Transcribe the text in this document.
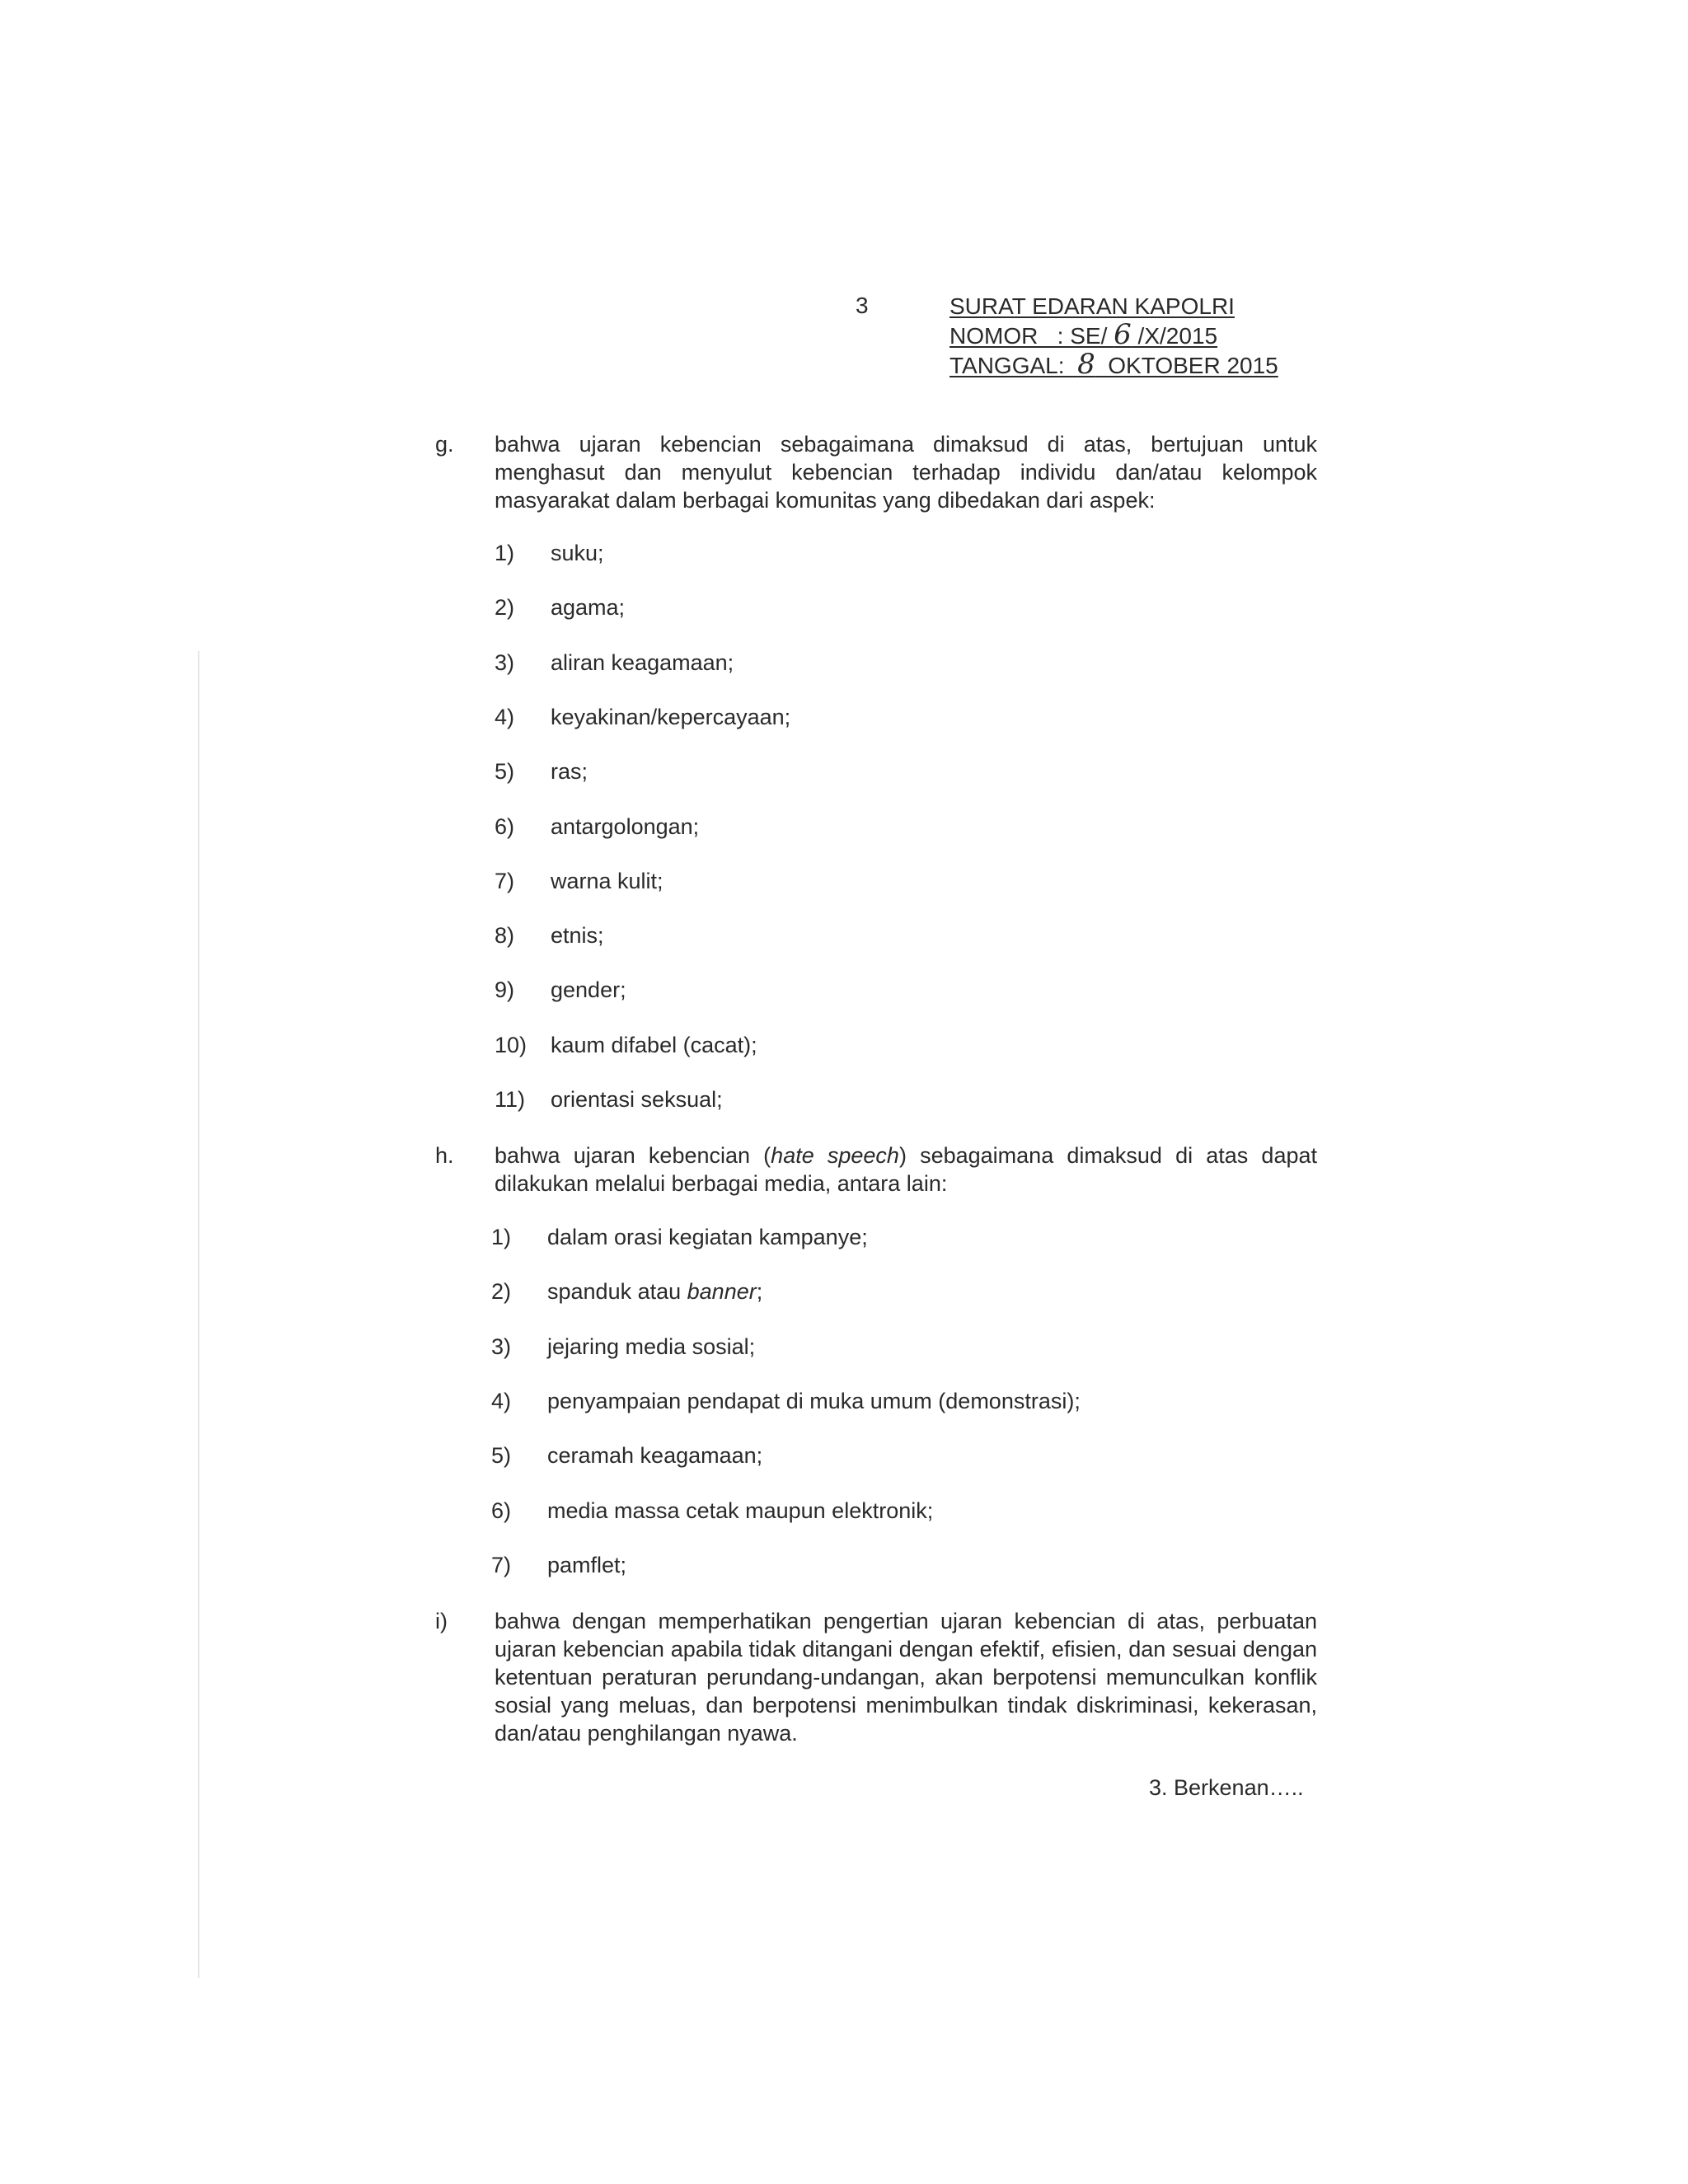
3	SURAT EDARAN KAPOLRI
NOMOR   : SE/ 6 /X/2015
TANGGAL:  8  OKTOBER 2015
g.	bahwa ujaran kebencian sebagaimana dimaksud di atas, bertujuan untuk menghasut dan menyulut kebencian terhadap individu dan/atau kelompok masyarakat dalam berbagai komunitas yang dibedakan dari aspek:
1) suku;
2) agama;
3) aliran keagamaan;
4) keyakinan/kepercayaan;
5) ras;
6) antargolongan;
7) warna kulit;
8) etnis;
9) gender;
10) kaum difabel (cacat);
11) orientasi seksual;
h.	bahwa ujaran kebencian (hate speech) sebagaimana dimaksud di atas dapat dilakukan melalui berbagai media, antara lain:
1) dalam orasi kegiatan kampanye;
2) spanduk atau banner;
3) jejaring media sosial;
4) penyampaian pendapat di muka umum (demonstrasi);
5) ceramah keagamaan;
6) media massa cetak maupun elektronik;
7) pamflet;
i)	bahwa dengan memperhatikan pengertian ujaran kebencian di atas, perbuatan ujaran kebencian apabila tidak ditangani dengan efektif, efisien, dan sesuai dengan ketentuan peraturan perundang-undangan, akan berpotensi memunculkan konflik sosial yang meluas, dan berpotensi menimbulkan tindak diskriminasi, kekerasan, dan/atau penghilangan nyawa.
3. Berkenan…..
